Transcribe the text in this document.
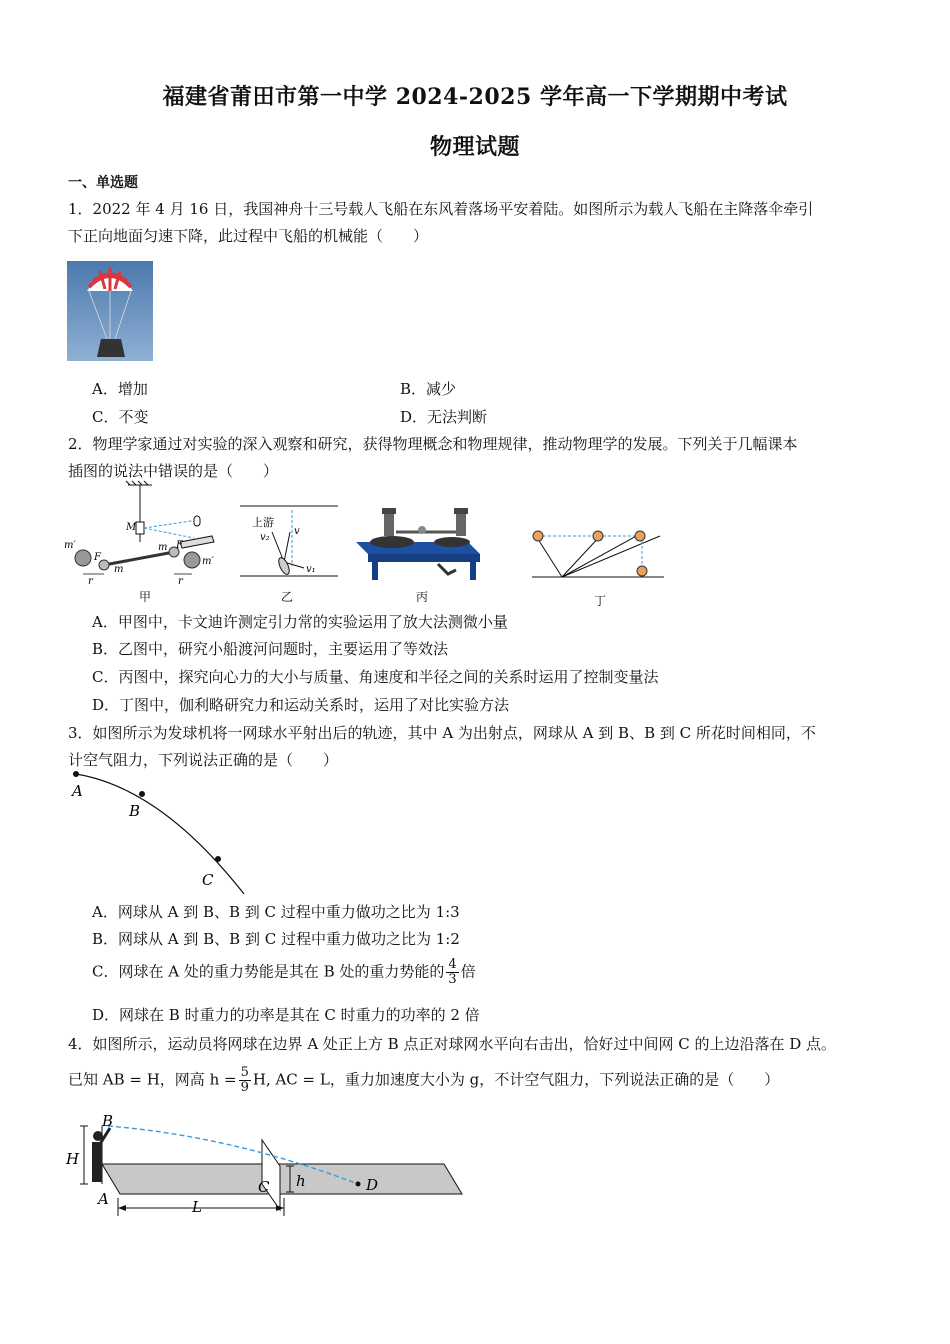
福建省莆田市第一中学 2024-2025 学年高一下学期期中考试
物理试题
一、单选题
1．2022 年 4 月 16 日，我国神舟十三号载人飞船在东风着落场平安着陆。如图所示为载人飞船在主降落伞牵引
下正向地面匀速下降，此过程中飞船的机械能（　　）
A．增加	B．减少
C．不变	D．无法判断
2．物理学家通过对实验的深入观察和研究，获得物理概念和物理规律，推动物理学的发展。下列关于几幅课本
插图的说法中错误的是（　　）
m′
M
F
m
r
m F
m′
r
甲
上游
v₂
v
v₁
乙	丙	丁
A．甲图中，卡文迪许测定引力常的实验运用了放大法测微小量
B．乙图中，研究小船渡河问题时，主要运用了等效法
C．丙图中，探究向心力的大小与质量、角速度和半径之间的关系时运用了控制变量法
D．丁图中，伽利略研究力和运动关系时，运用了对比实验方法
3．如图所示为发球机将一网球水平射出后的轨迹，其中 A 为出射点，网球从 A 到 B、B 到 C 所花时间相同，不
计空气阻力，下列说法正确的是（　　）
A
B
C
A．网球从 A 到 B、B 到 C 过程中重力做功之比为 1:3
B．网球从 A 到 B、B 到 C 过程中重力做功之比为 1:2
C．网球在 A 处的重力势能是其在 B 处的重力势能的 $\frac{4}{3}$ 倍
D．网球在 B 时重力的功率是其在 C 时重力的功率的 2 倍
4．如图所示，运动员将网球在边界 A 处正上方 B 点正对球网水平向右击出，恰好过中间网 C 的上边沿落在 D 点。
已知 AB = H，网高 $h = \frac{5}{9} H$, AC = L，重力加速度大小为 g，不计空气阻力，下列说法正确的是（　　）
B
H
A
C h	D
L
